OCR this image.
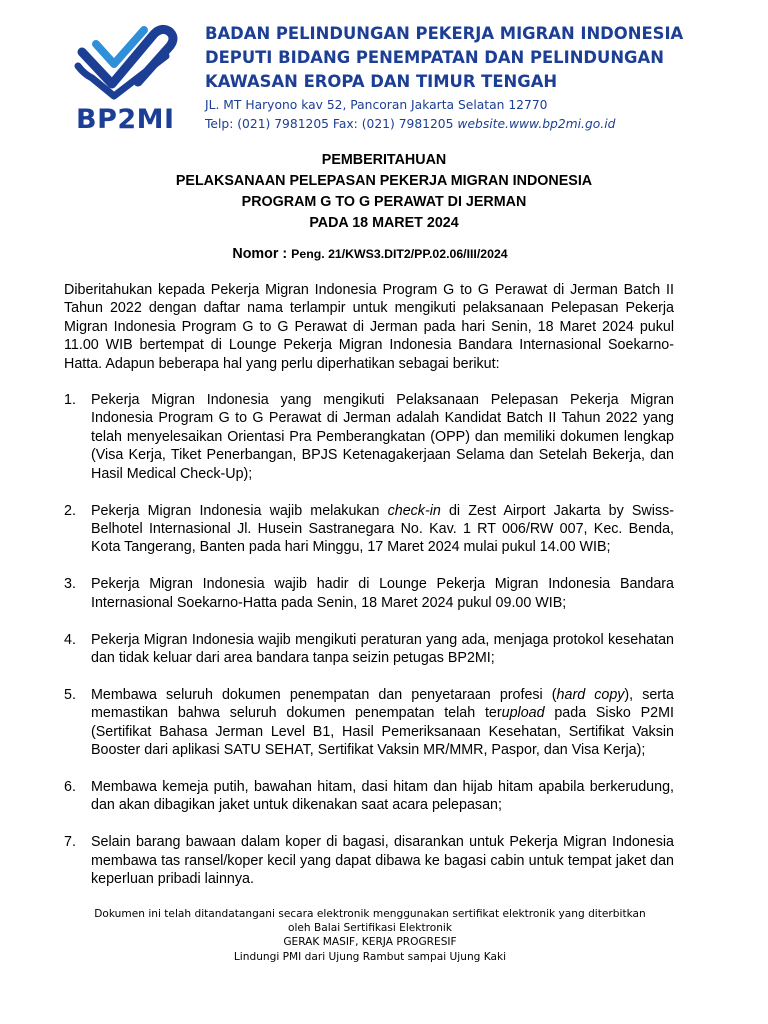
BP2MI
BADAN PELINDUNGAN PEKERJA MIGRAN INDONESIA
DEPUTI BIDANG PENEMPATAN DAN PELINDUNGAN
KAWASAN EROPA DAN TIMUR TENGAH
JL. MT Haryono kav 52, Pancoran Jakarta Selatan 12770
Telp: (021) 7981205 Fax: (021) 7981205 website.www.bp2mi.go.id
PEMBERITAHUAN
PELAKSANAAN PELEPASAN PEKERJA MIGRAN INDONESIA
PROGRAM G TO G PERAWAT DI JERMAN
PADA 18 MARET 2024
Nomor : Peng. 21/KWS3.DIT2/PP.02.06/III/2024

Diberitahukan kepada Pekerja Migran Indonesia Program G to G Perawat di Jerman Batch II Tahun 2022 dengan daftar nama terlampir untuk mengikuti pelaksanaan Pelepasan Pekerja Migran Indonesia Program G to G Perawat di Jerman pada hari Senin, 18 Maret 2024 pukul 11.00 WIB bertempat di Lounge Pekerja Migran Indonesia Bandara Internasional Soekarno-Hatta. Adapun beberapa hal yang perlu diperhatikan sebagai berikut:

1. Pekerja Migran Indonesia yang mengikuti Pelaksanaan Pelepasan Pekerja Migran Indonesia Program G to G Perawat di Jerman adalah Kandidat Batch II Tahun 2022 yang telah menyelesaikan Orientasi Pra Pemberangkatan (OPP) dan memiliki dokumen lengkap (Visa Kerja, Tiket Penerbangan, BPJS Ketenagakerjaan Selama dan Setelah Bekerja, dan Hasil Medical Check-Up);
2. Pekerja Migran Indonesia wajib melakukan check-in di Zest Airport Jakarta by Swiss-Belhotel Internasional Jl. Husein Sastranegara No. Kav. 1 RT 006/RW 007, Kec. Benda, Kota Tangerang, Banten pada hari Minggu, 17 Maret 2024 mulai pukul 14.00 WIB;
3. Pekerja Migran Indonesia wajib hadir di Lounge Pekerja Migran Indonesia Bandara Internasional Soekarno-Hatta pada Senin, 18 Maret 2024 pukul 09.00 WIB;
4. Pekerja Migran Indonesia wajib mengikuti peraturan yang ada, menjaga protokol kesehatan dan tidak keluar dari area bandara tanpa seizin petugas BP2MI;
5. Membawa seluruh dokumen penempatan dan penyetaraan profesi (hard copy), serta memastikan bahwa seluruh dokumen penempatan telah terupload pada Sisko P2MI (Sertifikat Bahasa Jerman Level B1, Hasil Pemeriksanaan Kesehatan, Sertifikat Vaksin Booster dari aplikasi SATU SEHAT, Sertifikat Vaksin MR/MMR, Paspor, dan Visa Kerja);
6. Membawa kemeja putih, bawahan hitam, dasi hitam dan hijab hitam apabila berkerudung, dan akan dibagikan jaket untuk dikenakan saat acara pelepasan;
7. Selain barang bawaan dalam koper di bagasi, disarankan untuk Pekerja Migran Indonesia membawa tas ransel/koper kecil yang dapat dibawa ke bagasi cabin untuk tempat jaket dan keperluan pribadi lainnya.
Dokumen ini telah ditandatangani secara elektronik menggunakan sertifikat elektronik yang diterbitkan
oleh Balai Sertifikasi Elektronik
GERAK MASIF, KERJA PROGRESIF
Lindungi PMI dari Ujung Rambut sampai Ujung Kaki
